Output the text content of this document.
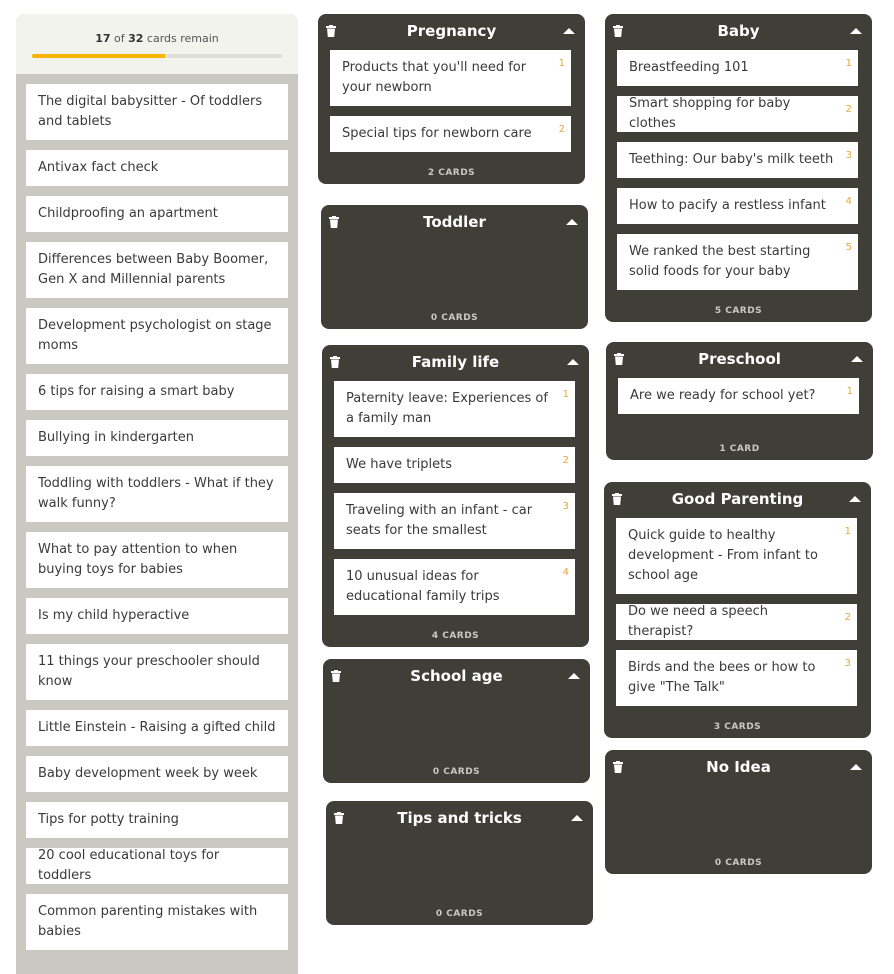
17 of 32 cards remain
The digital babysitter - Of toddlers and tablets
Antivax fact check
Childproofing an apartment
Differences between Baby Boomer, Gen X and Millennial parents
Development psychologist on stage moms
6 tips for raising a smart baby
Bullying in kindergarten
Toddling with toddlers - What if they walk funny?
What to pay attention to when buying toys for babies
Is my child hyperactive
11 things your preschooler should know
Little Einstein - Raising a gifted child
Baby development week by week
Tips for potty training
20 cool educational toys for toddlers
Common parenting mistakes with babies
Pregnancy
Products that you'll need for your newborn
1
Special tips for newborn care	2
2 CARDS
Toddler
0 CARDS
Family life
Paternity leave: Experiences of a family man
1
We have triplets	2
Traveling with an infant - car seats for the smallest
3
10 unusual ideas for educational family trips
4
4 CARDS
School age
0 CARDS
Tips and tricks
0 CARDS
Baby
Breastfeeding 101	1
Smart shopping for baby clothes
2
Teething: Our baby's milk teeth 3
How to pacify a restless infant 4
We ranked the best starting solid foods for your baby
5
5 CARDS
Preschool
Are we ready for school yet?	1
1 CARD
Good Parenting
Quick guide to healthy development - From infant to school age
1
Do we need a speech therapist?
2
Birds and the bees or how to give "The Talk"
3
3 CARDS
No Idea
0 CARDS
